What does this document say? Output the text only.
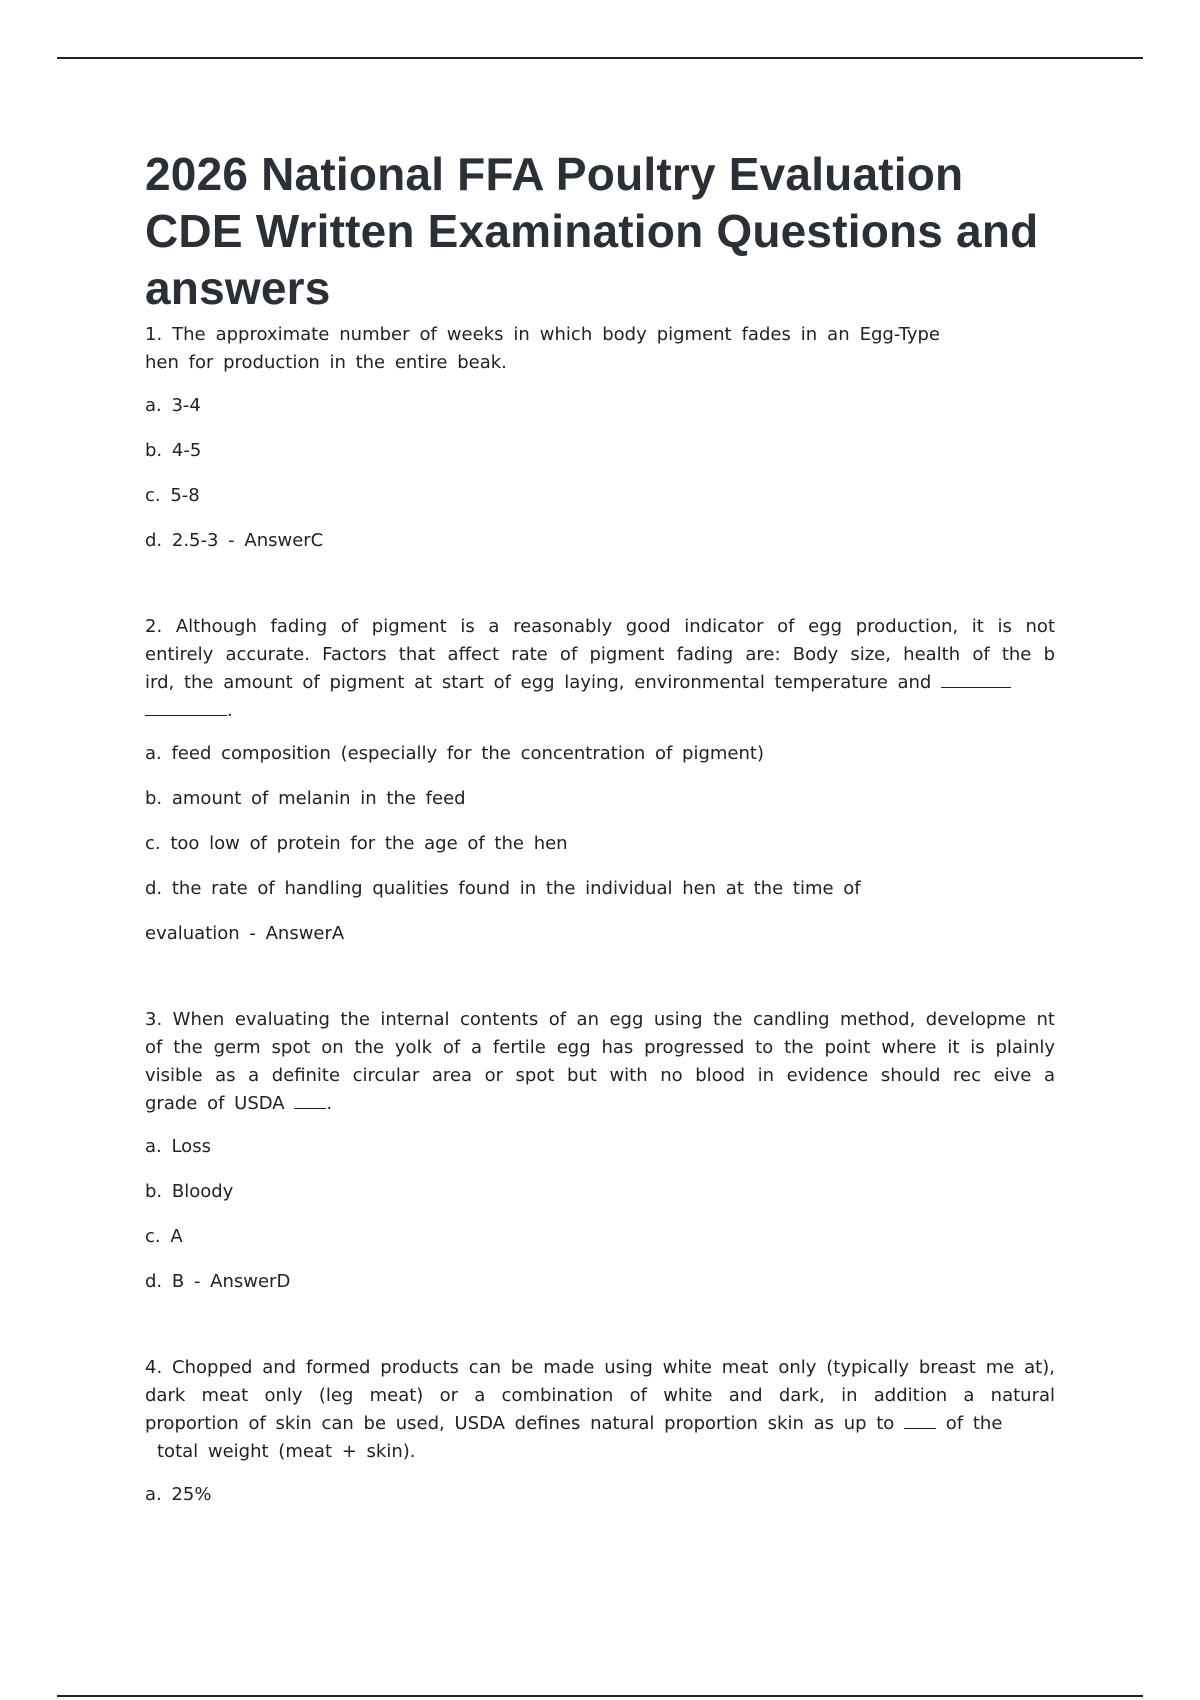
2026 National FFA Poultry Evaluation CDE Written Examination Questions and answers

1. The approximate number of weeks in which body pigment fades in an Egg-Type hen for production in the entire beak.

a. 3-4

b. 4-5

c. 5-8

d. 2.5-3 - AnswerC

2. Although fading of pigment is a reasonably good indicator of egg production, it is not entirely accurate. Factors that affect rate of pigment fading are: Body size, health of the b ird, the amount of pigment at start of egg laying, environmental temperature and
.

a. feed composition (especially for the concentration of pigment)

b. amount of melanin in the feed

c. too low of protein for the age of the hen

d. the rate of handling qualities found in the individual hen at the time of

evaluation - AnswerA

3. When evaluating the internal contents of an egg using the candling method, developme nt of the germ spot on the yolk of a fertile egg has progressed to the point where it is plainly visible as a definite circular area or spot but with no blood in evidence should rec eive a grade of USDA .

a. Loss

b. Bloody

c. A

d. B - AnswerD

4. Chopped and formed products can be made using white meat only (typically breast me at), dark meat only (leg meat) or a combination of white and dark, in addition a natural proportion of skin can be used, USDA defines natural proportion skin as up to	of the
total weight (meat + skin).

a. 25%
